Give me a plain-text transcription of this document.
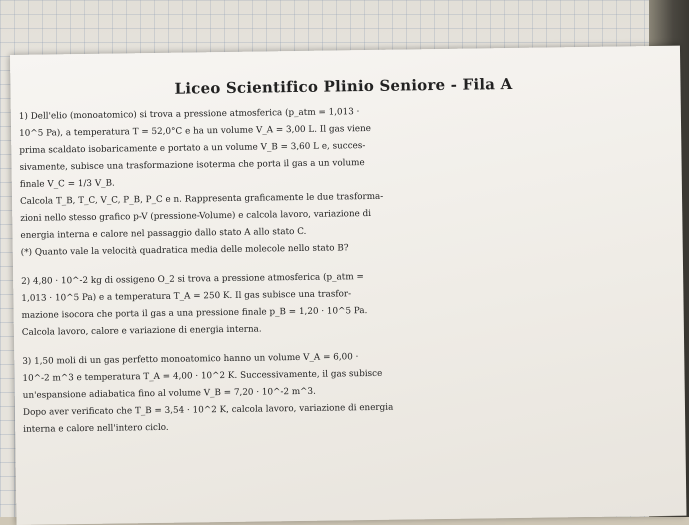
Liceo Scientifico Plinio Seniore - Fila A
1) Dell'elio (monoatomico) si trova a pressione atmosferica (p_atm = 1,013 ·
10^5 Pa), a temperatura T = 52,0°C e ha un volume V_A = 3,00 L. Il gas viene
prima scaldato isobaricamente e portato a un volume V_B = 3,60 L e, succes-
sivamente, subisce una trasformazione isoterma che porta il gas a un volume
finale V_C = 1/3 V_B.
Calcola T_B, T_C, V_C, P_B, P_C e n. Rappresenta graficamente le due trasforma-
zioni nello stesso grafico p-V (pressione-Volume) e calcola lavoro, variazione di
energia interna e calore nel passaggio dallo stato A allo stato C.
(*) Quanto vale la velocità quadratica media delle molecole nello stato B?
2) 4,80 · 10^-2 kg di ossigeno O_2 si trova a pressione atmosferica (p_atm =
1,013 · 10^5 Pa) e a temperatura T_A = 250 K. Il gas subisce una trasfor-
mazione isocora che porta il gas a una pressione finale p_B = 1,20 · 10^5 Pa.
Calcola lavoro, calore e variazione di energia interna.
3) 1,50 moli di un gas perfetto monoatomico hanno un volume V_A = 6,00 ·
10^-2 m^3 e temperatura T_A = 4,00 · 10^2 K. Successivamente, il gas subisce
un'espansione adiabatica fino al volume V_B = 7,20 · 10^-2 m^3.
Dopo aver verificato che T_B = 3,54 · 10^2 K, calcola lavoro, variazione di energia
interna e calore nell'intero ciclo.
